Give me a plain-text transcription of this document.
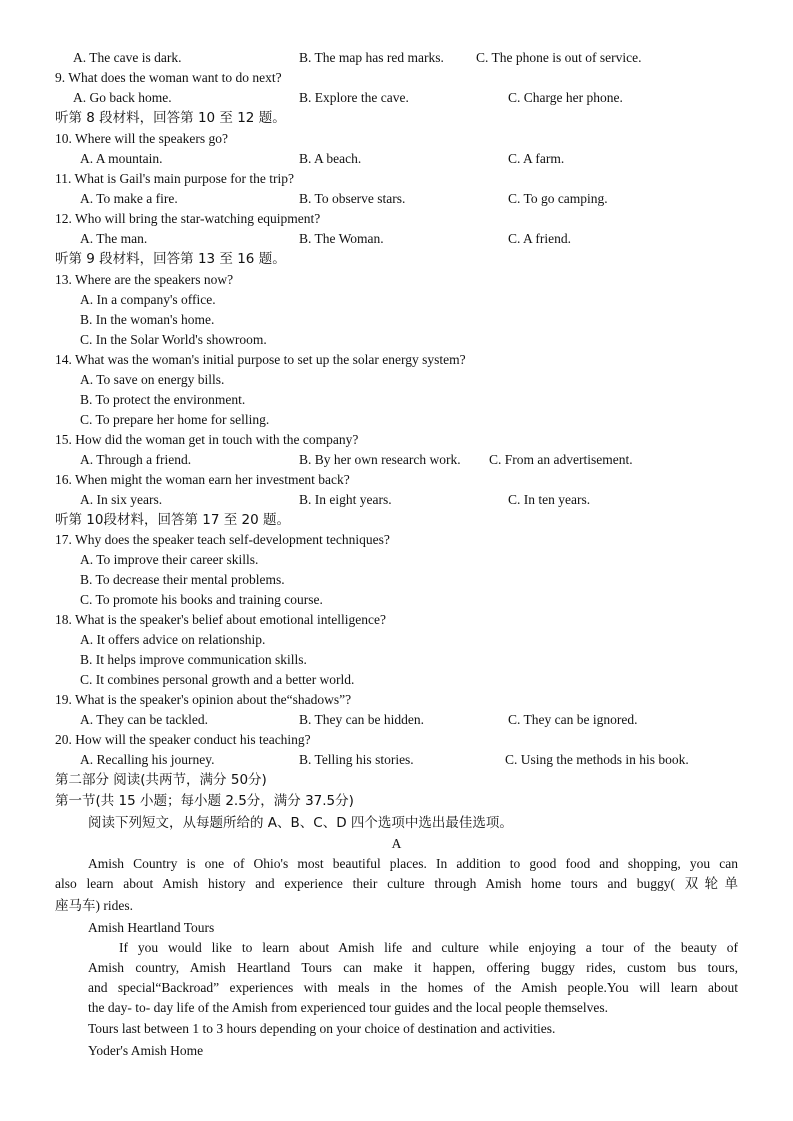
A. The cave is dark.	B. The map has red marks. C. The phone is out of service.
9. What does the woman want to do next?
A. Go back home.	B. Explore the cave.	C. Charge her phone.
听第 8 段材料，回答第 10 至 12 题。
10. Where will the speakers go?
A. A mountain.	B. A beach.	C. A farm.
11. What is Gail's main purpose for the trip?
A. To make a fire.	B. To observe stars.	C. To go camping.
12. Who will bring the star-watching equipment?
A. The man.	B. The Woman.	C. A friend.
听第 9 段材料，回答第 13 至 16 题。
13. Where are the speakers now?
A. In a company's office.
B. In the woman's home.
C. In the Solar World's showroom.
14. What was the woman's initial purpose to set up the solar energy system?
A. To save on energy bills.
B. To protect the environment.
C. To prepare her home for selling.
15. How did the woman get in touch with the company?
A. Through a friend.	B. By her own research work. C. From an advertisement.
16. When might the woman earn her investment back?
A. In six years.	B. In eight years.	C. In ten years.
听第 10段材料，回答第 17 至 20 题。
17. Why does the speaker teach self-development techniques?
A. To improve their career skills.
B. To decrease their mental problems.
C. To promote his books and training course.
18. What is the speaker's belief about emotional intelligence?
A. It offers advice on relationship.
B. It helps improve communication skills.
C. It combines personal growth and a better world.
19. What is the speaker's opinion about the“shadows”?
A. They can be tackled.	B. They can be hidden.	C. They can be ignored.
20. How will the speaker conduct his teaching?
A. Recalling his journey.	B. Telling his stories.	C. Using the methods in his book.
第二部分 阅读(共两节，满分 50分)
第一节(共 15 小题；每小题 2.5分，满分 37.5分)
阅读下列短文，从每题所给的 A、B、C、D 四个选项中选出最佳选项。
A
Amish Country is one of Ohio's most beautiful places. In addition to good food and shopping, you can
also learn about Amish history and experience their culture through Amish home tours and buggy( 双轮单
座马车) rides.
Amish Heartland Tours
If you would like to learn about Amish life and culture while enjoying a tour of the beauty of
Amish country, Amish Heartland Tours can make it happen, offering buggy rides, custom bus tours,
and special“Backroad” experiences with meals in the homes of the Amish people.You will learn about
the day- to- day life of the Amish from experienced tour guides and the local people themselves.
Tours last between 1 to 3 hours depending on your choice of destination and activities.
Yoder's Amish Home
